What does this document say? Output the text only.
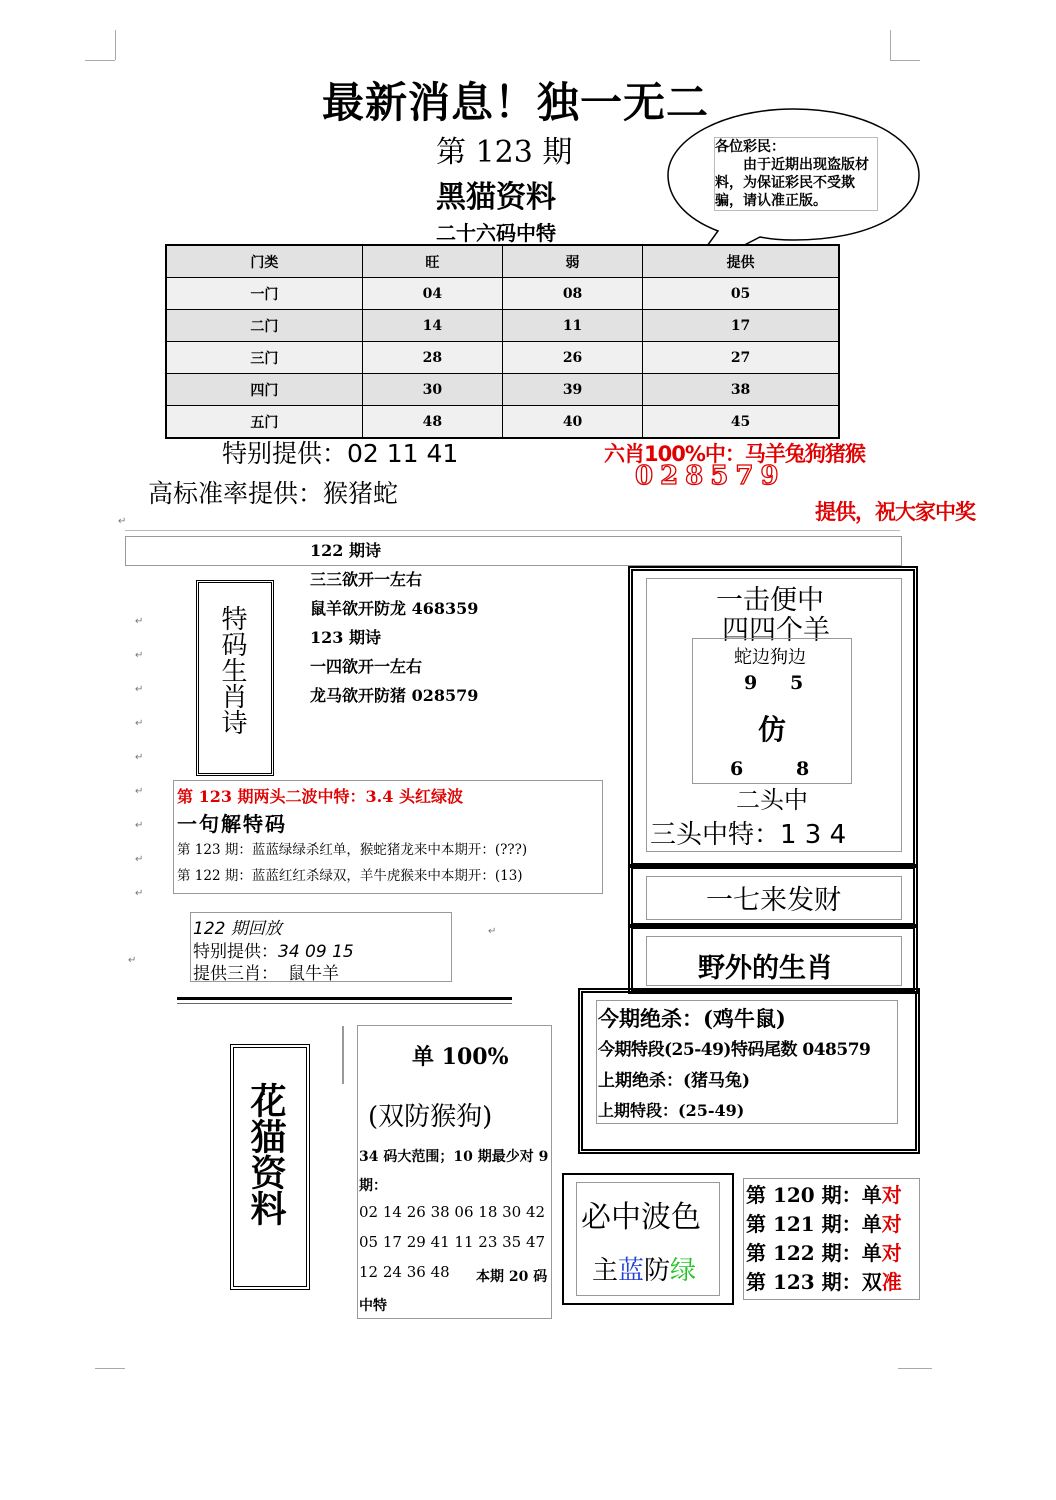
最新消息！独一无二
第 123 期
黑猫资料
二十六码中特
各位彩民：
由于近期出现盗版材料，为保证彩民不受欺骗，请认准正版。
门类	旺	弱	提供
一门	04	08	05
二门	14	11	17
三门	28	26	27
四门	30	39	38
五门	48	40	45
特别提供：02 11 41
高标准率提供：猴猪蛇
六肖100%中：马羊兔狗猪猴
028579
提供，祝大家中奖
特码生肖诗
122 期诗
三三欲开一左右
鼠羊欲开防龙 468359
123 期诗
一四欲开一左右
龙马欲开防猪 028579
一击便中
四四个羊
蛇边狗边
9 5
仿
6	8
二头中
三头中特：1 3 4
一七来发财
野外的生肖
↵
↵
↵
↵
↵
↵
↵
↵
↵
↵
↵
↵
第 123 期两头二波中特：3.4 头红绿波
一句解特码
第 123 期：蓝蓝绿绿杀红单，猴蛇猪龙来中本期开：(???)
第 122 期：蓝蓝红红杀绿双，羊牛虎猴来中本期开：(13)
122 期回放
特别提供：34 09 15
提供三肖： 鼠牛羊
今期绝杀：(鸡牛鼠)
今期特段(25-49)特码尾数 048579
上期绝杀：(猪马兔)
上期特段：(25-49)
花猫资料
单 100%
(双防猴狗)
34 码大范围；10 期最少对 9 期：
02 14 26 38 06 18 30 42
05 17 29 41 11 23 35 47
12 24 36 48	本期 20 码中特
必中波色
主蓝防绿
第 120 期：单对
第 121 期：单对
第 122 期：单对
第 123 期：双准
